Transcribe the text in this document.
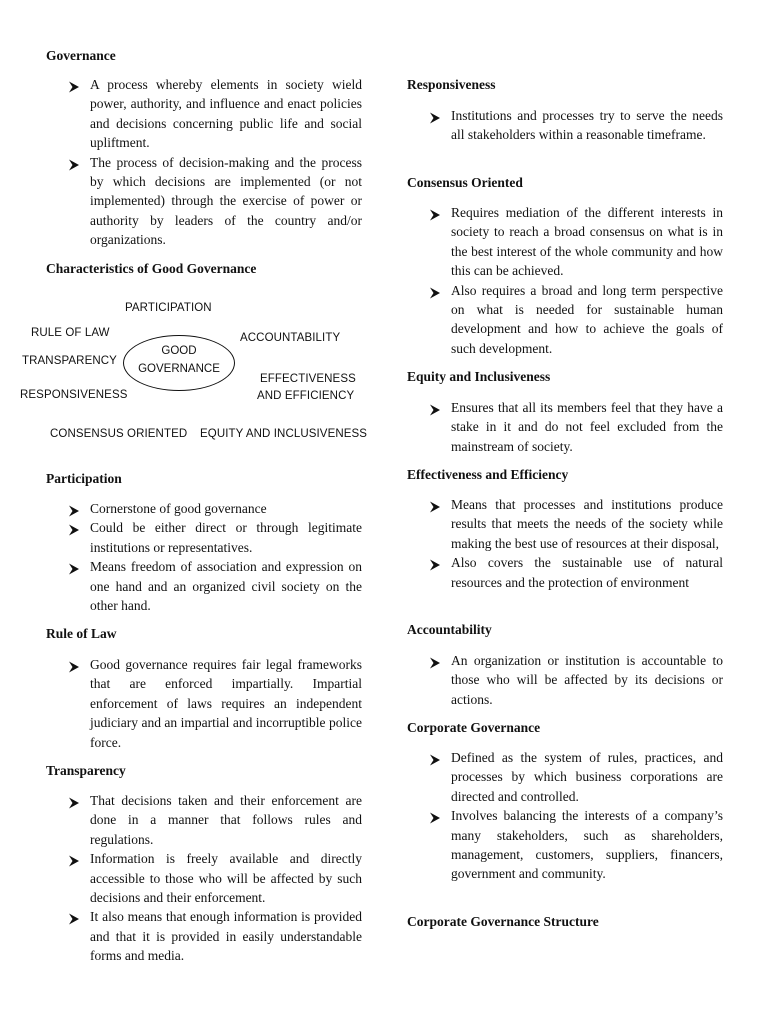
Governance
A process whereby elements in society wield power, authority, and influence and enact policies and decisions concerning public life and social upliftment.
The process of decision-making and the process by which decisions are implemented (or not implemented) through the exercise of power or authority by leaders of the country and/or organizations.
Characteristics of Good Governance
Participation
Cornerstone of good governance
Could be either direct or through legitimate institutions or representatives.
Means freedom of association and expression on one hand and an organized civil society on the other hand.
Rule of Law
Good governance requires fair legal frameworks that are enforced impartially. Impartial enforcement of laws requires an independent judiciary and an impartial and incorruptible police force.
Transparency
That decisions taken and their enforcement are done in a manner that follows rules and regulations.
Information is freely available and directly accessible to those who will be affected by such decisions and their enforcement.
It also means that enough information is provided and that it is provided in easily understandable forms and media.
GOOD
GOVERNANCE
PARTICIPATION
RULE OF LAW
TRANSPARENCY
RESPONSIVENESS
ACCOUNTABILITY
EFFECTIVENESS
AND EFFICIENCY
CONSENSUS ORIENTED EQUITY AND INCLUSIVENESS
Responsiveness
Institutions and processes try to serve the needs all stakeholders within a reasonable timeframe.
Consensus Oriented
Requires mediation of the different interests in society to reach a broad consensus on what is in the best interest of the whole community and how this can be achieved.
Also requires a broad and long term perspective on what is needed for sustainable human development and how to achieve the goals of such development.
Equity and Inclusiveness
Ensures that all its members feel that they have a stake in it and do not feel excluded from the mainstream of society.
Effectiveness and Efficiency
Means that processes and institutions produce results that meets the needs of the society while making the best use of resources at their disposal,
Also covers the sustainable use of natural resources and the protection of environment
Accountability
An organization or institution is accountable to those who will be affected by its decisions or actions.
Corporate Governance
Defined as the system of rules, practices, and processes by which business corporations are directed and controlled.
Involves balancing the interests of a company’s many stakeholders, such as shareholders, management, customers, suppliers, financers, government and community.
Corporate Governance Structure
